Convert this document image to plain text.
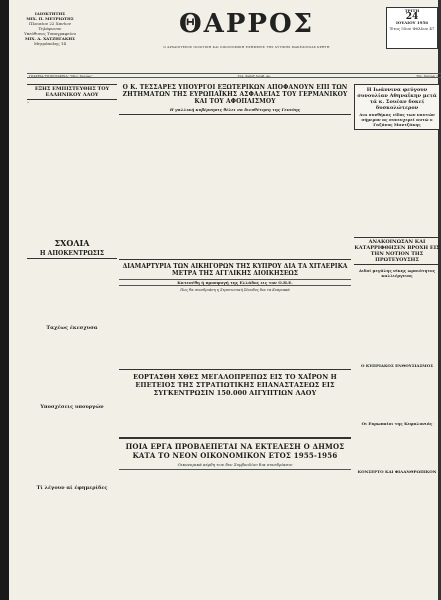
ΙΔΙΟΚΤΗΤΗΣ
ΜΙΧ. Π. ΜΕΤΡΙΩΤΗΣ
Πλοιαίου 22 Χανίων
Τηλέφωνον
Υπεύθυνος Τυπογραφείου
ΜΙΧ. Α. ΧΑΤΖΗΓΑΚΗΣ
Μητρόπολης 14
ΘΑΡΡΟΣ
Ο ΑΡΧΑΙΟΤΕΡΟΣ ΠΟΛΙΤΙΚΗ ΚΑΙ ΟΙΚΟΝΟΜΙΚΗ ΕΦΗΜΕΡΙΣ ΤΗΣ ΔΥΤΙΚΗΣ ΜΑΚΕΔΟΝΙΑΣ ΚΡΗΤΗ
ΤΡΙΤΗ
24
ΙΟΥΛΙΟΥ 1956
Έτος 55ον Φύλλον 47
ΓΡΑΦΕΙΑ-ΤΥΠΟΓΡΑΦΕΙΑ: "Οδος Χανίων"	Ταχ. Κώδιξ Διευθ. Αρ.	Τηλ. Χανίων 16
ΕΞΗΣ ΕΜΠΙΣΤΕΥΘΗΣ ΤΟΥ ΕΛΛΗΝΙΚΟΥ ΛΑΟΥ
␣
ΣΧΟΛΙΑ
Η ΑΠΟΚΕΝΤΡΩΣΙΣ
Ταχέως έκεσχυσα
Υποσχέσεις υπουργών
Τί λέγουν αί έφημερίδες
Ο Κ. ΤΕΣΣΑΡΕΣ ΥΠΟΥΡΓΟΙ ΕΞΩΤΕΡΙΚΩΝ ΑΠΟΦΑΝΟΥΝ ΕΠΙ ΤΩΝ ΖΗΤΗΜΑΤΩΝ ΤΗΣ ΕΥΡΩΠΑΪΚΗΣ ΑΣΦΑΛΕΙΑΣ ΤΟΥ ΓΕΡΜΑΝΙΚΟΥ ΚΑΙ ΤΟΥ ΑΦΟΠΛΙΣΜΟΥ
Η γαλλική κυβέρνησις θέλει να διευθέτηση της Γενεύης
ΔΙΑΜΑΡΤΥΡΙΑ ΤΩΝ ΑΙΚΗΓΟΡΩΝ ΤΗΣ ΚΥΠΡΟΥ ΔΙΑ ΤΑ ΧΙΤΛΕΡΙΚΑ ΜΕΤΡΑ ΤΗΣ ΑΓΓΛΙΚΗΣ ΔΙΟΙΚΗΣΕΩΣ
Κατεσέθη ή προσφυγή της Ελλάδος εις τον Ο.Η.Ε.
Πως θα συνεδριάση η Στρατιωτική Σύνοδος δια τα Κυπριακά
ΕΟΡΤΑΣΘΗ ΧΘΕΣ ΜΕΓΑΛΟΠΡΕΠΩΣ ΕΙΣ ΤΟ ΧΑΪΡΟΝ Η ΕΠΕΤΕΙΟΣ ΤΗΣ ΣΤΡΑΤΙΩΤΙΚΗΣ ΕΠΑΝΑΣΤΑΣΕΩΣ ΕΙΣ ΣΥΓΚΕΝΤΡΩΣΙΝ 150.000 ΑΙΓΥΠΤΙΩΝ ΛΑΟΥ
ΠΟΙΑ ΕΡΓΑ ΠΡΟΒΛΕΠΕΤΑΙ ΝΑ ΕΚΤΕΛΕΣΗ Ο ΔΗΜΟΣ ΚΑΤΑ ΤΟ ΝΕΟΝ ΟΙΚΟΝΟΜΙΚΟΝ ΕΤΟΣ 1955-1956
Οικονομικά κέρδη των δεν Συμβουλίου δια συνεδρίασιν
Η Ιωάννινα φεύγουν συνουλίαν Αθηναΐκην μετά τά κ. Σουέαν δοκεί δυσκολώτερον
Δια συνθήκας είδος των ναυτών σήμερον ας συνευχερεί αυτώ ο Γαζάνος Μαντζάκης
ΑΝΑΚΟΙΝΩΣΑΝ ΚΑΙ ΚΑΤΑΡΡΙΦΘΗΣΕΝ ΒΡΟΧΗ ΕΙΣ ΤΗΝ ΝΟΤΙΟΝ ΤΗΣ ΠΡΩΤΕΥΟΥΣΗΣ
Αιδοί μεγάλης νίκης ωραιότητος καλλιέργειας
Ο ΚΥΠΡΙΑΚΟΣ ΕΝΘΟΥΣΙΑΣΜΟΣ
Οι Ευρωπαίοι της Κεφαλονιάς
ΚΟΝΣΕΡΤΟ ΚΑΙ ΦΙΛΑΝΘΡΩΠΙΚΟΝ
